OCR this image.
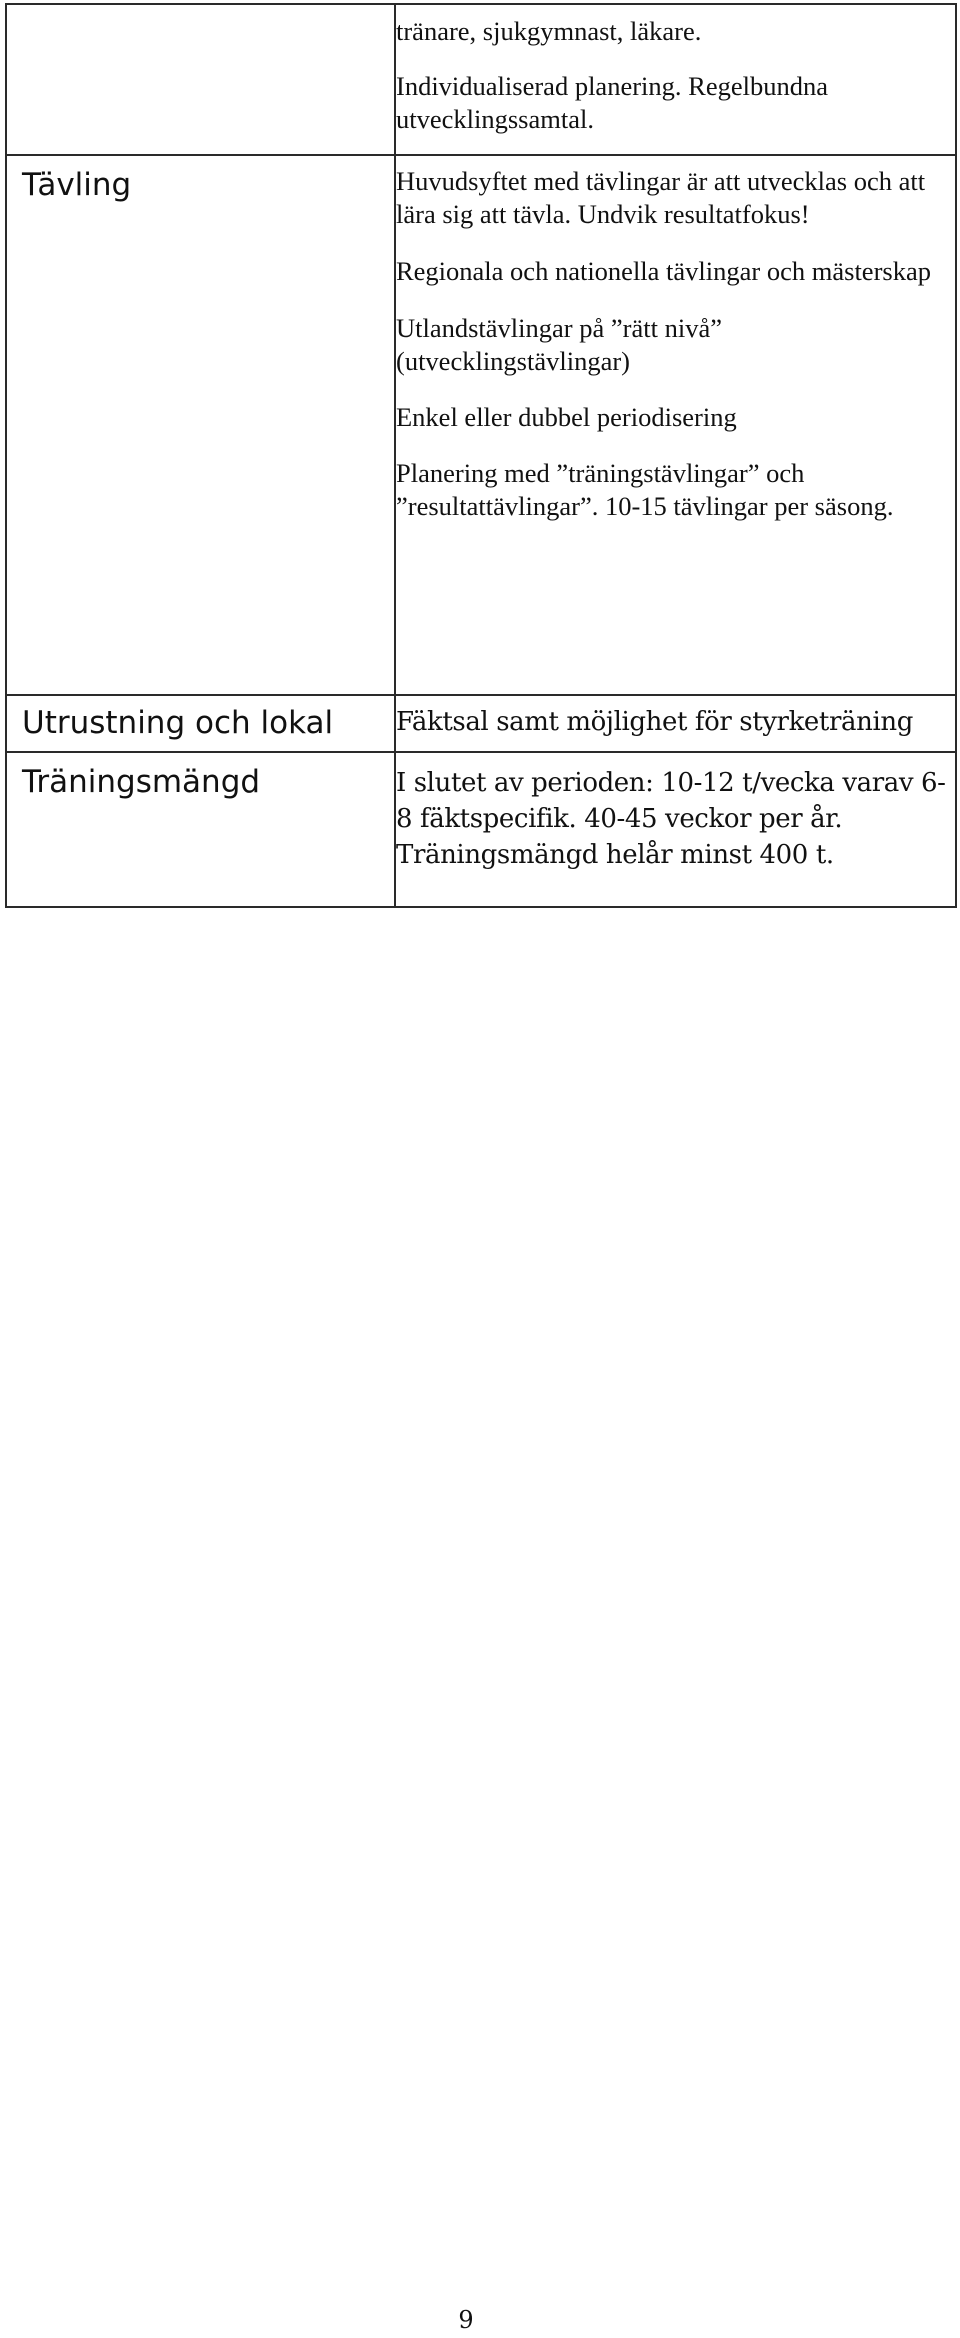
	tränare, sjukgymnast, läkare.

Individualiserad planering. Regelbundna utvecklingssamtal.

Tävling	Huvudsyftet med tävlingar är att utvecklas och att lära sig att tävla. Undvik resultatfokus!

Regionala och nationella tävlingar och mästerskap

Utlandstävlingar på ”rätt nivå” (utvecklingstävlingar)

Enkel eller dubbel periodisering

Planering med ”träningstävlingar” och ”resultattävlingar”. 10-15 tävlingar per säsong.

Utrustning och lokal	Fäktsal samt möjlighet för styrketräning

Träningsmängd	I slutet av perioden: 10-12 t/vecka varav 6-8 fäktspecifik. 40-45 veckor per år. Träningsmängd helår minst 400 t.

9
